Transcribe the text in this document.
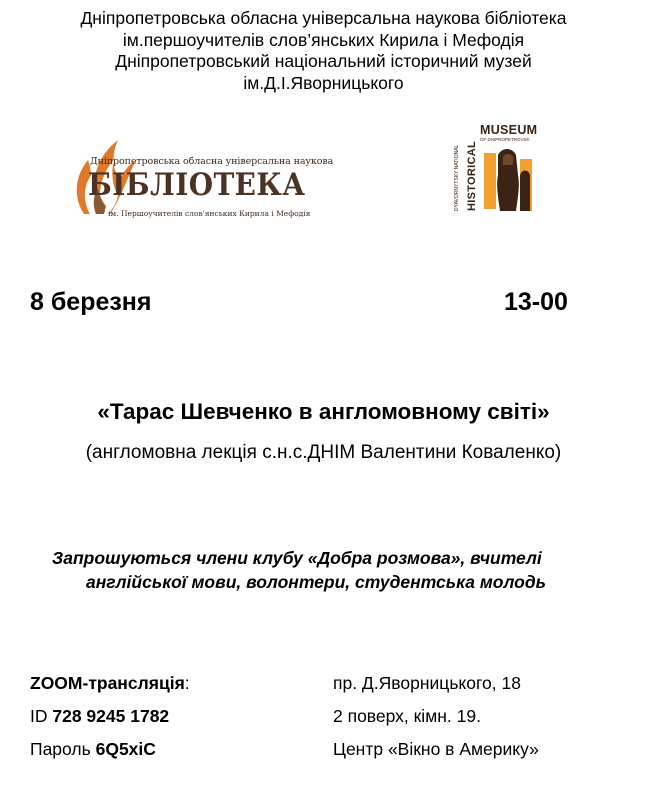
Дніпропетровська обласна універсальна наукова бібліотека
ім.першоучителів слов’янських Кирила і Мефодія
Дніпропетровський національний історичний музей
ім.Д.І.Яворницького
Дніпропетровська обласна універсальна наукова
БІБЛІОТЕКА
ім. Першоучителів слов'янських Кирила і Мефодія
DYAVORNYTSKY NATIONAL HISTORICAL
MUSEUM
OF DNIPROPETROVSK
8 березня	13-00
«Тарас Шевченко в англомовному світі»
(англомовна лекція с.н.с.ДНІМ Валентини Коваленко)
Запрошуються члени клубу «Добра розмова», вчителі
англійської мови, волонтери, студентська молодь
ZOOM-трансляція:
ID 728 9245 1782
Пароль 6Q5xiC
пр. Д.Яворницького, 18
2 поверх, кімн. 19.
Центр «Вікно в Америку»
